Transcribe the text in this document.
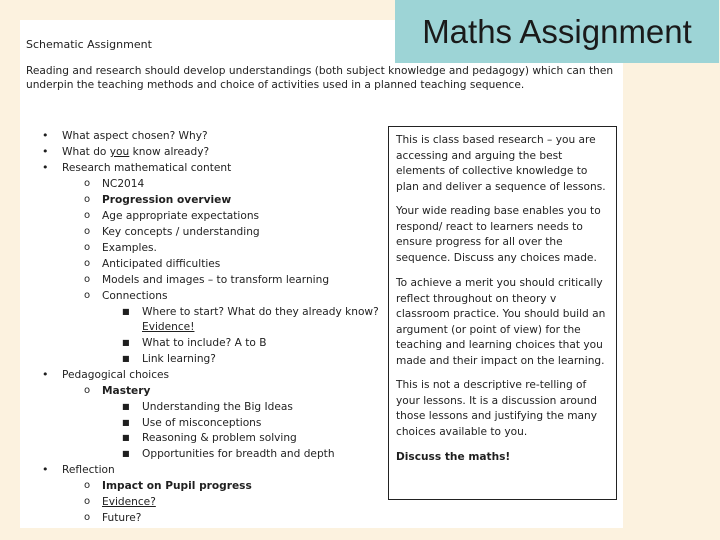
Schematic Assignment
Reading and research should develop understandings (both subject knowledge and pedagogy) which can then
underpin the teaching methods and choice of activities used in a planned teaching sequence.
• What aspect chosen? Why?
• What do you know already?
• Research mathematical content
o NC2014
o Progression overview
o Age appropriate expectations
o Key concepts / understanding
o Examples.
o Anticipated difficulties
o Models and images – to transform learning
o Connections
■ Where to start? What do they already know?
Evidence!
■ What to include? A to B
■ Link learning?
• Pedagogical choices
o Mastery
■ Understanding the Big Ideas
■ Use of misconceptions
■ Reasoning & problem solving
■ Opportunities for breadth and depth
• Reflection
o Impact on Pupil progress
o Evidence?
o Future?
This is class based research – you are accessing and arguing the best elements of collective knowledge to plan and deliver a sequence of lessons.
Your wide reading base enables you to respond/ react to learners needs to ensure progress for all over the sequence. Discuss any choices made.
To achieve a merit you should critically reflect throughout on theory v classroom practice. You should build an argument (or point of view) for the teaching and learning choices that you made and their impact on the learning.
This is not a descriptive re-telling of your lessons. It is a discussion around those lessons and justifying the many choices available to you.
Discuss the maths!
Maths Assignment
